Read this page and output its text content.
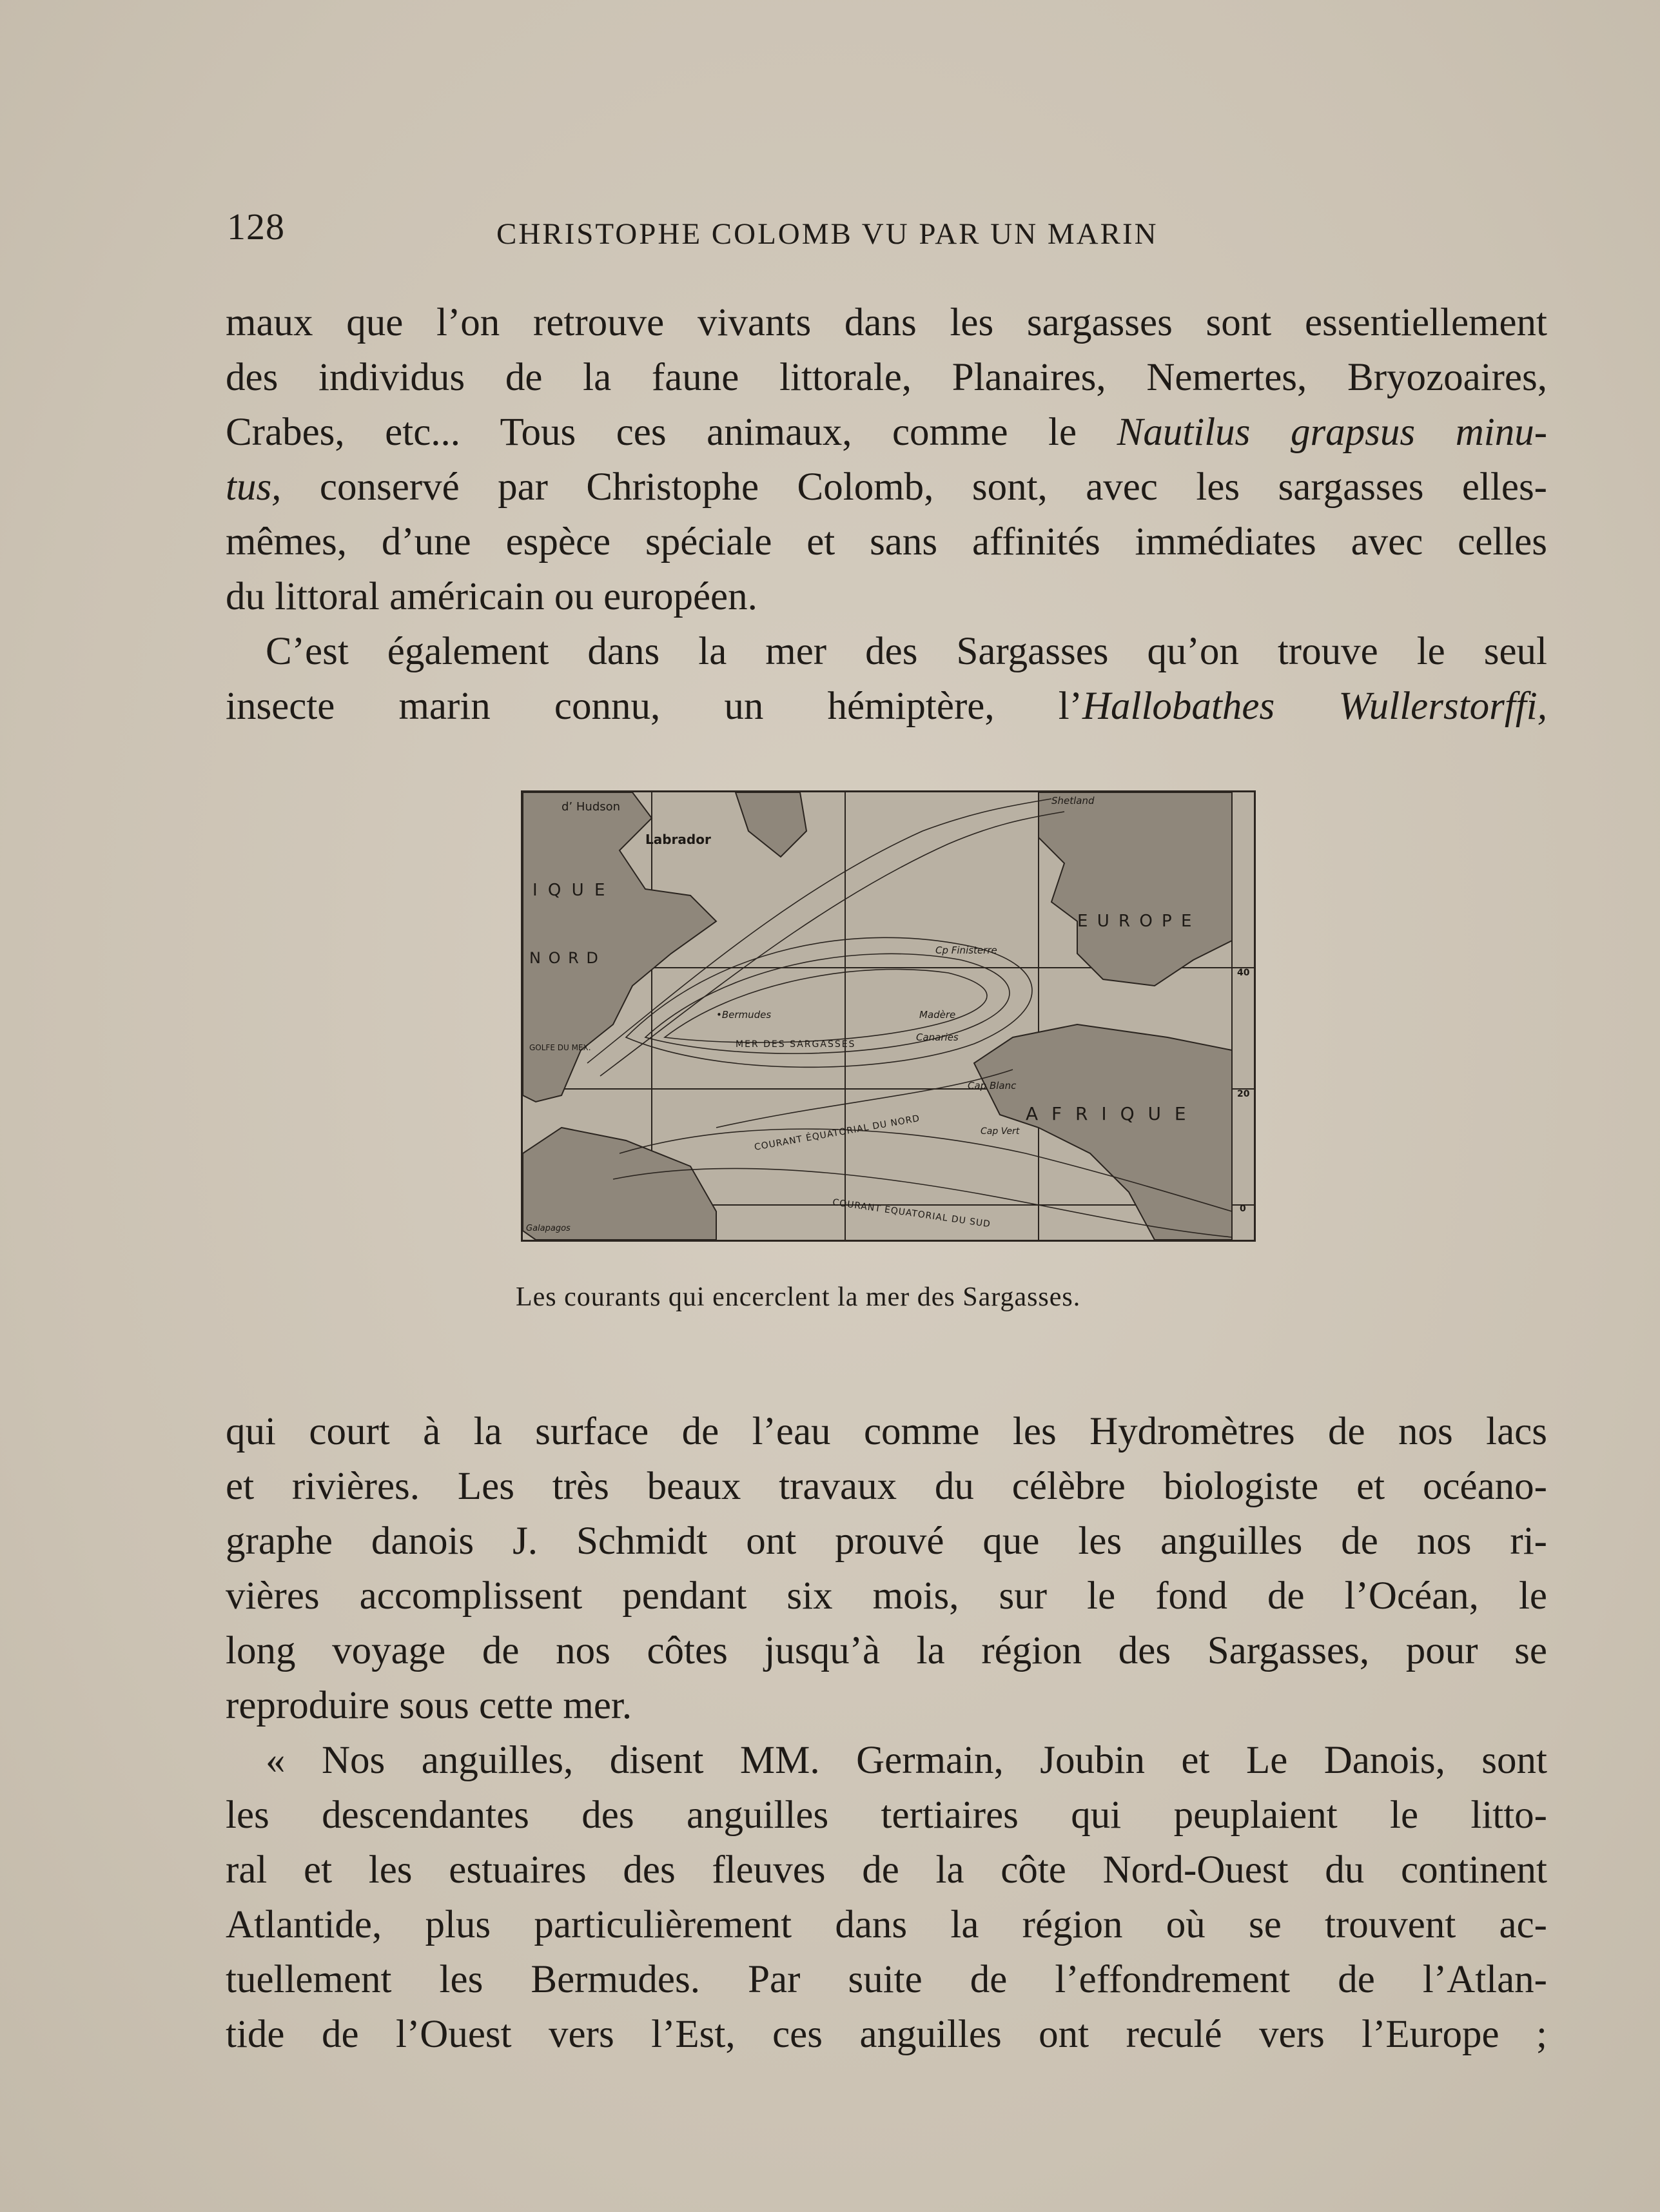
128	CHRISTOPHE COLOMB VU PAR UN MARIN

maux que l’on retrouve vivants dans les sargasses sont essentiellement
des individus de la faune littorale, Planaires, Nemertes, Bryozoaires,
Crabes, etc... Tous ces animaux, comme le Nautilus grapsus minu-
tus, conservé par Christophe Colomb, sont, avec les sargasses elles-
mêmes, d’une espèce spéciale et sans affinités immédiates avec celles
du littoral américain ou européen.

C’est également dans la mer des Sargasses qu’on trouve le seul
insecte marin connu, un hémiptère, l’Hallobathes Wullerstorffi,

d’ Hudson
Labrador
I Q U E
N O R D
E U R O P E
A F R I Q U E
•Bermudes
MER DES SARGASSES
Madère
Canaries
Cp Finisterre
Cap Blanc
Cap Vert
GOLFE DU MEX.
Shetland
COURANT ÉQUATORIAL DU NORD
COURANT ÉQUATORIAL DU SUD
Galapagos
40
20
0
Les courants qui encerclent la mer des Sargasses.

qui court à la surface de l’eau comme les Hydromètres de nos lacs
et rivières. Les très beaux travaux du célèbre biologiste et océano-
graphe danois J. Schmidt ont prouvé que les anguilles de nos ri-
vières accomplissent pendant six mois, sur le fond de l’Océan, le
long voyage de nos côtes jusqu’à la région des Sargasses, pour se
reproduire sous cette mer.

« Nos anguilles, disent MM. Germain, Joubin et Le Danois, sont
les descendantes des anguilles tertiaires qui peuplaient le litto-
ral et les estuaires des fleuves de la côte Nord-Ouest du continent
Atlantide, plus particulièrement dans la région où se trouvent ac-
tuellement les Bermudes. Par suite de l’effondrement de l’Atlan-
tide de l’Ouest vers l’Est, ces anguilles ont reculé vers l’Europe ;
